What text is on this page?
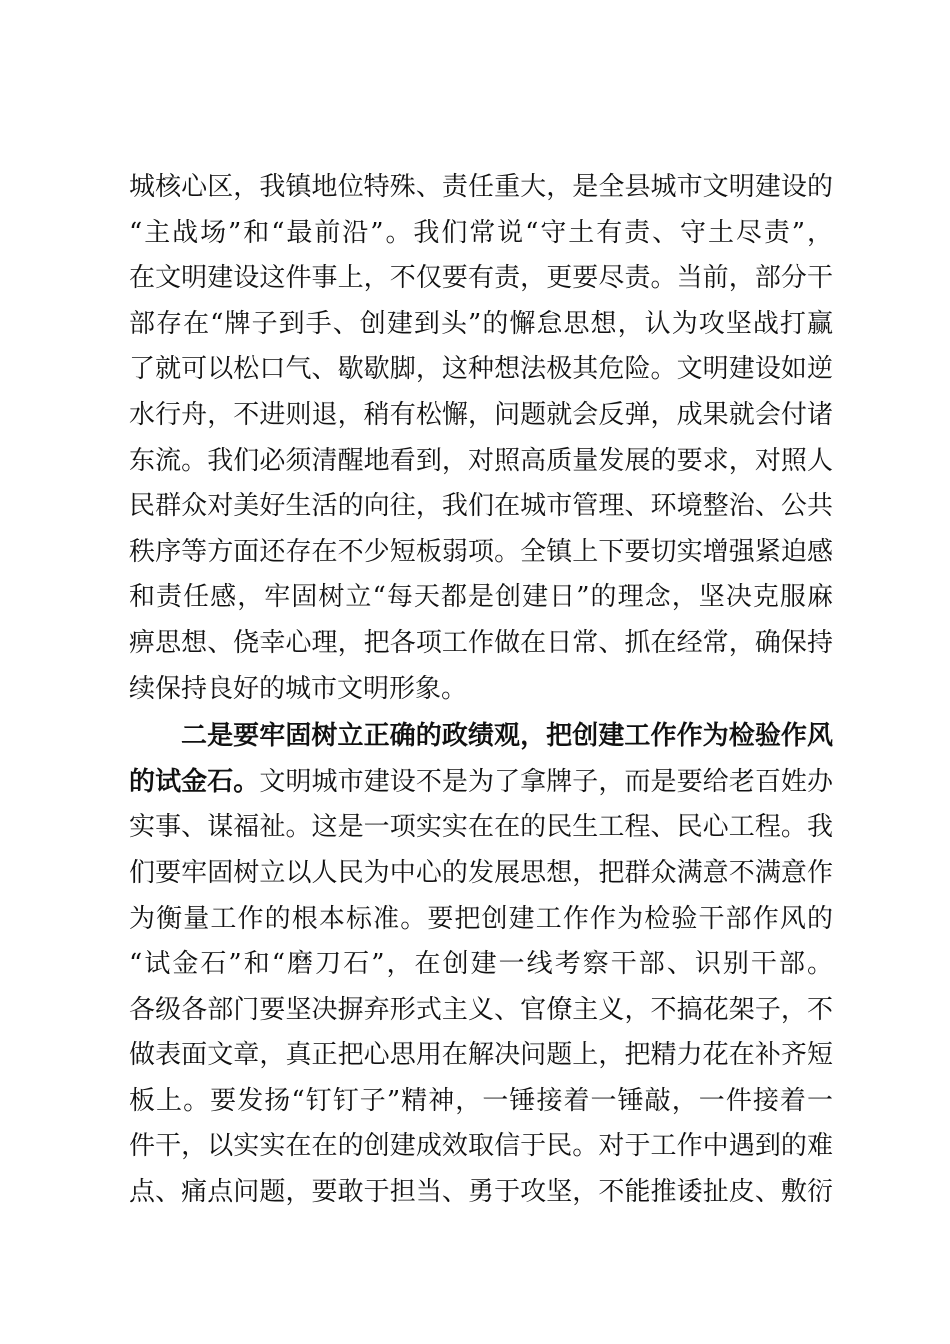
城核心区，我镇地位特殊、责任重大，是全县城市文明建设的
“主战场”和“最前沿”。我们常说“守土有责、守土尽责”，
在文明建设这件事上，不仅要有责，更要尽责。当前，部分干
部存在“牌子到手、创建到头”的懈怠思想，认为攻坚战打赢
了就可以松口气、歇歇脚，这种想法极其危险。文明建设如逆
水行舟，不进则退，稍有松懈，问题就会反弹，成果就会付诸
东流。我们必须清醒地看到，对照高质量发展的要求，对照人
民群众对美好生活的向往，我们在城市管理、环境整治、公共
秩序等方面还存在不少短板弱项。全镇上下要切实增强紧迫感
和责任感，牢固树立“每天都是创建日”的理念，坚决克服麻
痹思想、侥幸心理，把各项工作做在日常、抓在经常，确保持
续保持良好的城市文明形象。
二是要牢固树立正确的政绩观，把创建工作作为检验作风
的试金石。文明城市建设不是为了拿牌子，而是要给老百姓办
实事、谋福祉。这是一项实实在在的民生工程、民心工程。我
们要牢固树立以人民为中心的发展思想，把群众满意不满意作
为衡量工作的根本标准。要把创建工作作为检验干部作风的
“试金石”和“磨刀石”，在创建一线考察干部、识别干部。
各级各部门要坚决摒弃形式主义、官僚主义，不搞花架子，不
做表面文章，真正把心思用在解决问题上，把精力花在补齐短
板上。要发扬“钉钉子”精神，一锤接着一锤敲，一件接着一
件干，以实实在在的创建成效取信于民。对于工作中遇到的难
点、痛点问题，要敢于担当、勇于攻坚，不能推诿扯皮、敷衍
